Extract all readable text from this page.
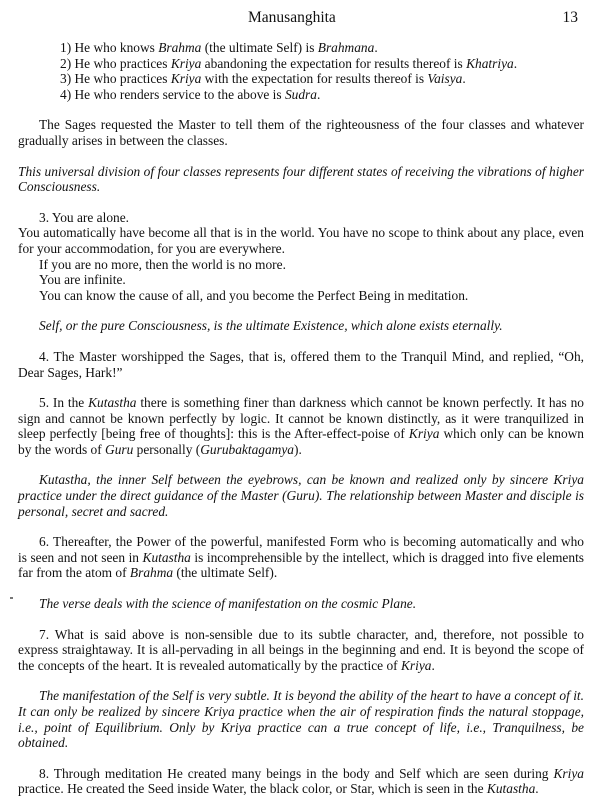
Manusanghita	13
1) He who knows Brahma (the ultimate Self) is Brahmana.
2) He who practices Kriya abandoning the expectation for results thereof is Khatriya.
3) He who practices Kriya with the expectation for results thereof is Vaisya.
4) He who renders service to the above is Sudra.

The Sages requested the Master to tell them of the righteousness of the four classes and whatever gradually arises in between the classes.

This universal division of four classes represents four different states of receiving the vibrations of higher Consciousness.

3. You are alone.

You automatically have become all that is in the world. You have no scope to think about any place, even for your accommodation, for you are everywhere.

If you are no more, then the world is no more.

You are infinite.

You can know the cause of all, and you become the Perfect Being in meditation.

Self, or the pure Consciousness, is the ultimate Existence, which alone exists eternally.

4. The Master worshipped the Sages, that is, offered them to the Tranquil Mind, and replied, “Oh, Dear Sages, Hark!”

5. In the Kutastha there is something finer than darkness which cannot be known perfectly. It has no sign and cannot be known perfectly by logic. It cannot be known distinctly, as it were tranquilized in sleep perfectly [being free of thoughts]: this is the After-effect-poise of Kriya which only can be known by the words of Guru personally (Gurubaktagamya).

Kutastha, the inner Self between the eyebrows, can be known and realized only by sincere Kriya practice under the direct guidance of the Master (Guru). The relationship between Master and disciple is personal, secret and sacred.

6. Thereafter, the Power of the powerful, manifested Form who is becoming automatically and who is seen and not seen in Kutastha is incomprehensible by the intellect, which is dragged into five elements far from the atom of Brahma (the ultimate Self).

The verse deals with the science of manifestation on the cosmic Plane.

7. What is said above is non-sensible due to its subtle character, and, therefore, not possible to express straightaway. It is all-pervading in all beings in the beginning and end. It is beyond the scope of the concepts of the heart. It is revealed automatically by the practice of Kriya.

The manifestation of the Self is very subtle. It is beyond the ability of the heart to have a concept of it. It can only be realized by sincere Kriya practice when the air of respiration finds the natural stoppage, i.e., point of Equilibrium. Only by Kriya practice can a true concept of life, i.e., Tranquilness, be obtained.

8. Through meditation He created many beings in the body and Self which are seen during Kriya practice. He created the Seed inside Water, the black color, or Star, which is seen in the Kutastha.
